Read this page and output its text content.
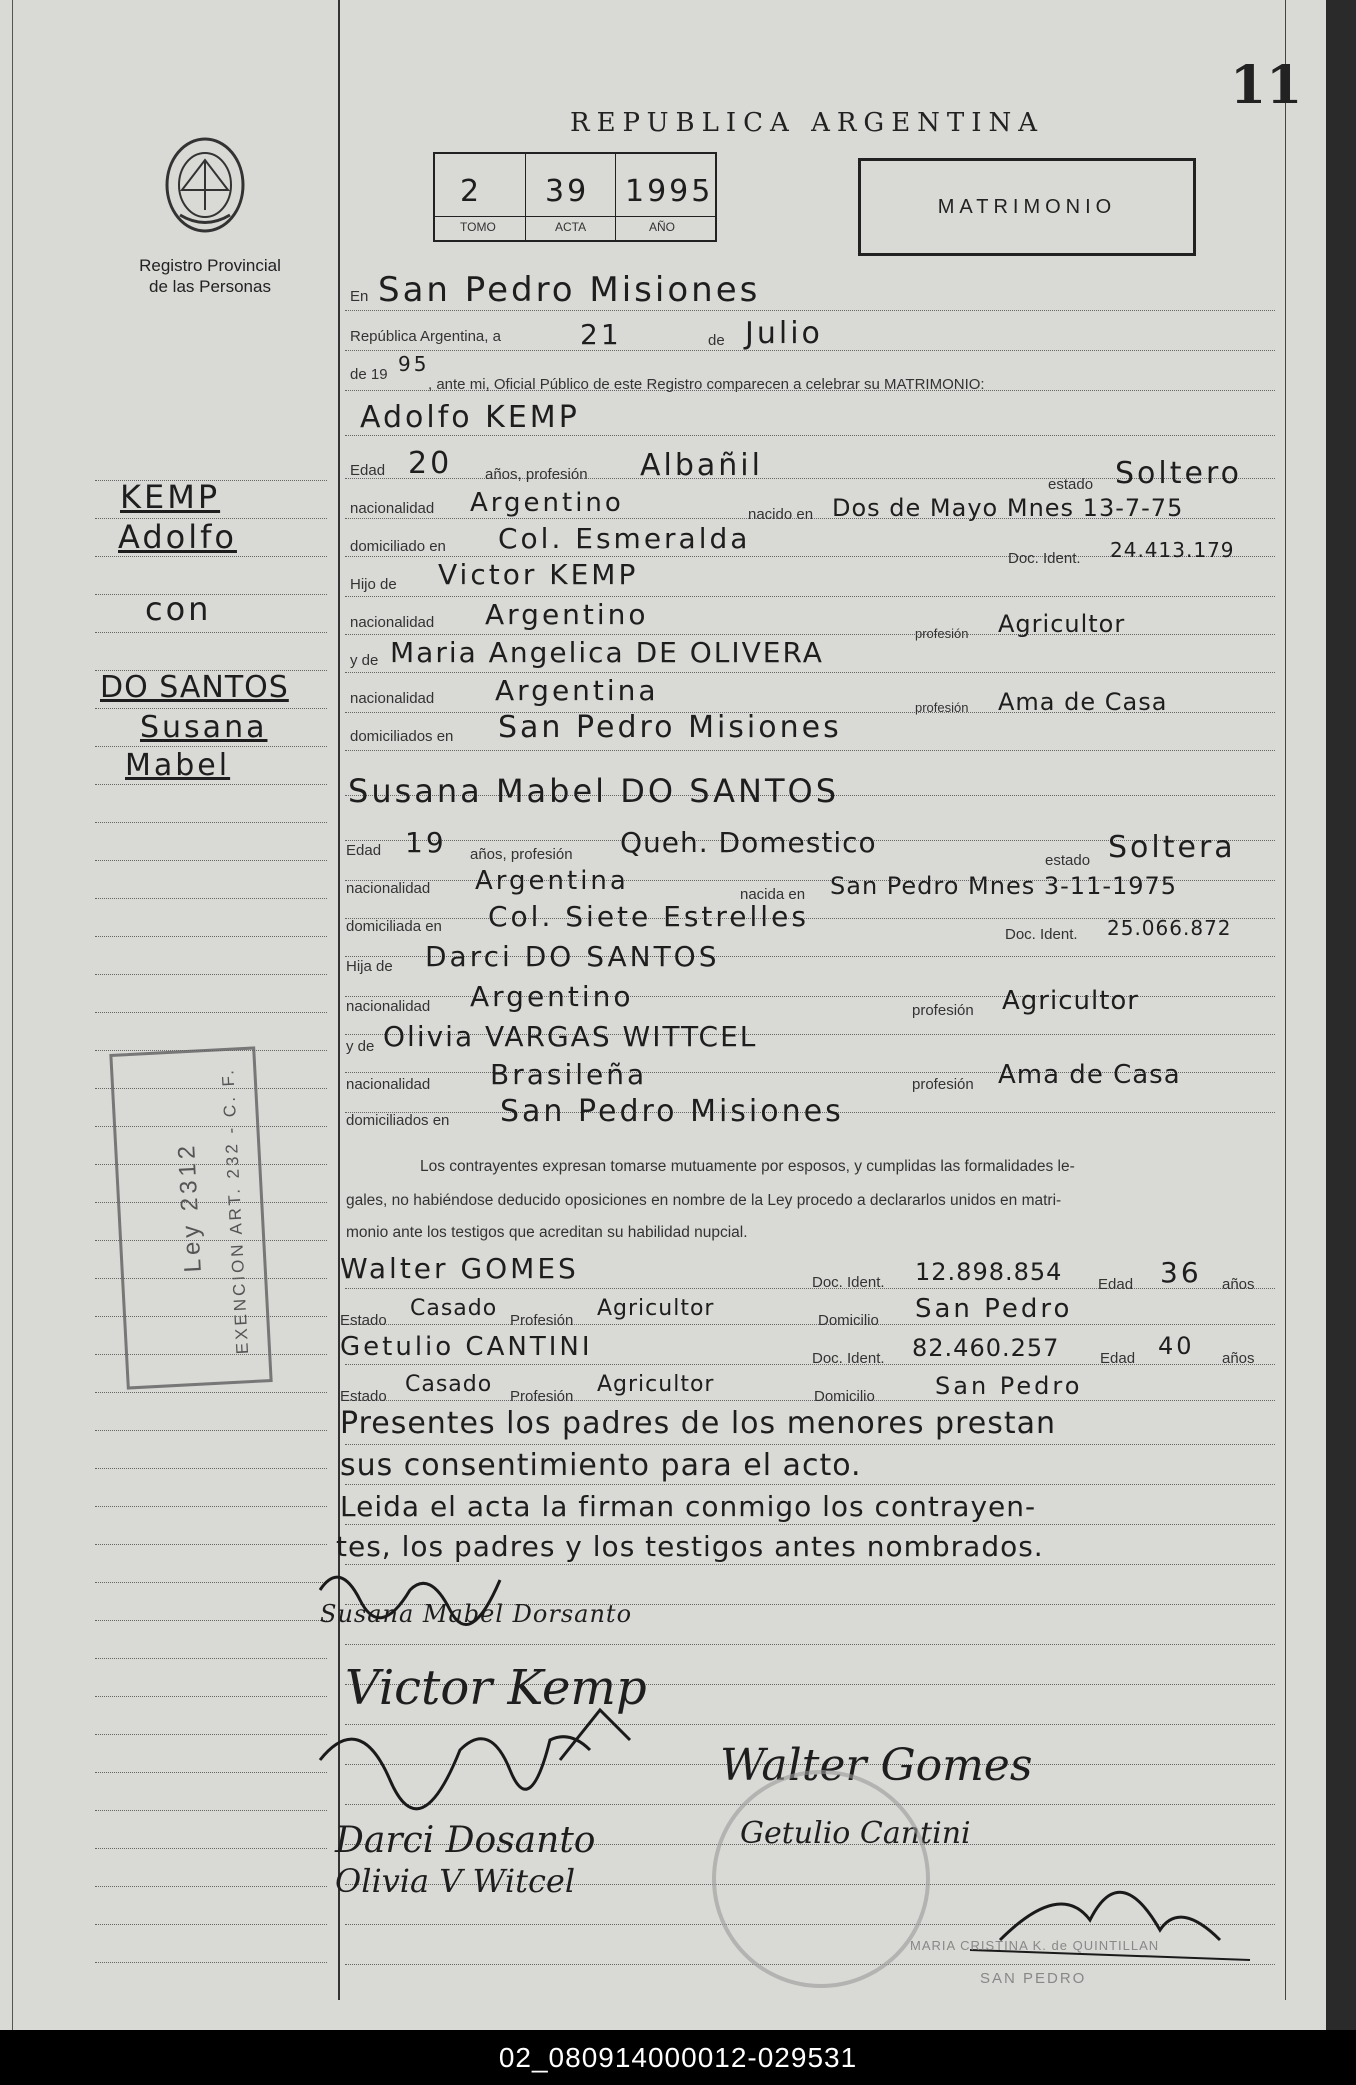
11
Registro Provincial
de las Personas
REPUBLICA ARGENTINA
2 39 1995
TOMO	ACTA	AÑO
MATRIMONIO
KEMP
Adolfo
con
DO SANTOS
Susana
Mabel
Ley 2312 EXENCION ART. 232 - C. F.
En San Pedro Misiones
República Argentina, a	21	de Julio
de 19 95
, ante mi, Oficial Público de este Registro comparecen a celebrar su MATRIMONIO:
Adolfo KEMP
Edad 20 años, profesión Albañil
estado Soltero
nacionalidad Argentino	nacido en Dos de Mayo Mnes 13-7-75
domiciliado en Col. Esmeralda
Doc. Ident. 24.413.179
Hijo de Victor KEMP
nacionalidad Argentino
profesión Agricultor
y de Maria Angelica DE OLIVERA
nacionalidad Argentina
profesión Ama de Casa
domiciliados en San Pedro Misiones
Susana Mabel DO SANTOS
Edad 19 años, profesión Queh. Domestico
estado Soltera
nacionalidad Argentina	nacida en San Pedro Mnes 3-11-1975
domiciliada en Col. Siete Estrelles
Doc. Ident. 25.066.872
Hija de Darci DO SANTOS
nacionalidad Argentino	profesión Agricultor
y de Olivia VARGAS WITTCEL
nacionalidad Brasileña	profesión Ama de Casa
domiciliados en San Pedro Misiones
Los contrayentes expresan tomarse mutuamente por esposos, y cumplidas las formalidades le-
gales, no habiéndose deducido oposiciones en nombre de la Ley procedo a declararlos unidos en matri-
monio ante los testigos que acreditan su habilidad nupcial.
Walter GOMES	Doc. Ident. 12.898.854 Edad 36 años
Estado Casado Profesión Agricultor	Domicilio San Pedro
Getulio CANTINI	Doc. Ident. 82.460.257	Edad 40 años
Estado Casado Profesión Agricultor	Domicilio	San Pedro
Presentes los padres de los menores prestan
sus consentimiento para el acto.
Leida el acta la firman conmigo los contrayen-
tes, los padres y los testigos antes nombrados.
Susana Mabel Dorsanto
Victor Kemp
Walter Gomes
Darci Dosanto	Getulio Cantini
Olivia V Witcel
MARIA CRISTINA K. de QUINTILLAN
SAN PEDRO
02_080914000012-029531
